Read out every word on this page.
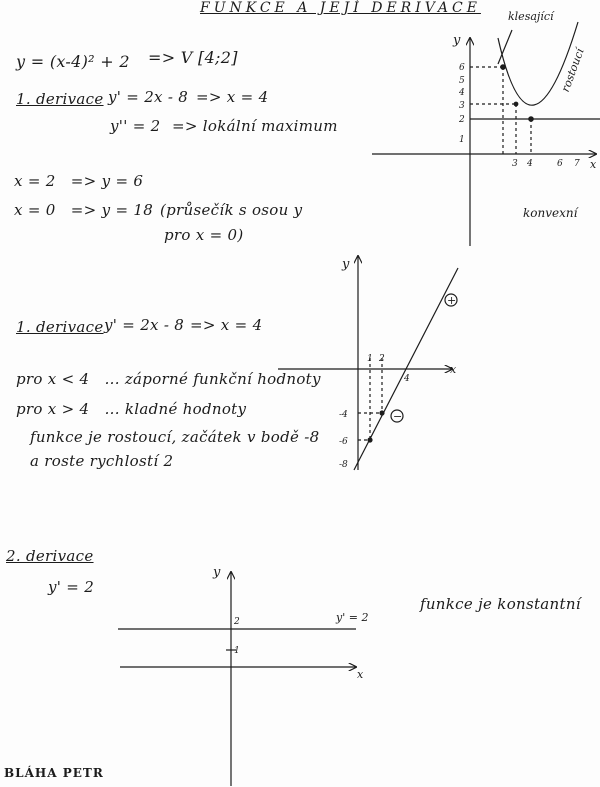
FUNKCE A JEJÍ DERIVACE
y = (x-4)² + 2 => V [4;2]
1. derivace y' = 2x - 8 => x = 4
y'' = 2 => lokální maximum
x = 2   => y = 6
x = 0   => y = 18 (průsečík s osou y
pro x = 0)
1. derivace y' = 2x - 8 => x = 4
pro x < 4   ... záporné funkční hodnoty
pro x > 4   ... kladné hodnoty
funkce je rostoucí, začátek v bodě -8
a roste rychlostí 2
2. derivace
y' = 2
funkce je konstantní
BLÁHA PETR
6
5
4
3
2
1
3 4	6 7
y
x
klesající
rostoucí
konvexní
1 2
4
-4
-6
-8
y
x
+
−
y
x
2
1
y' = 2
